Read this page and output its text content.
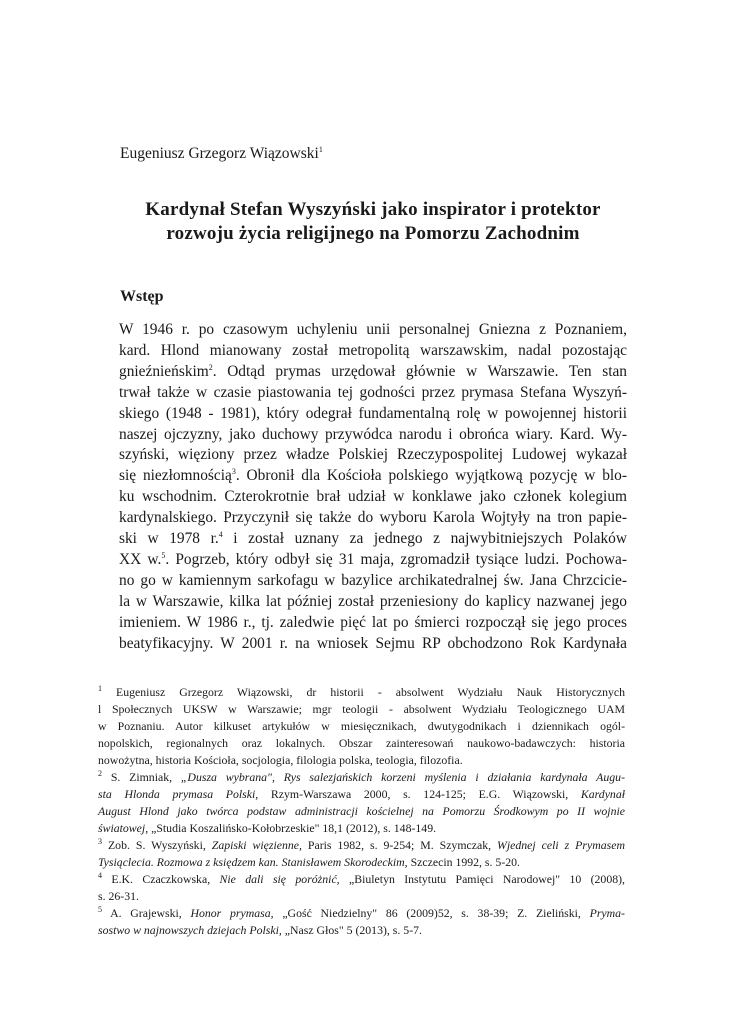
Eugeniusz Grzegorz Wiązowski$^1$
Kardynał Stefan Wyszyński jako inspirator i protektor
rozwoju życia religijnego na Pomorzu Zachodnim
Wstęp
W 1946 r. po czasowym uchyleniu unii personalnej Gniezna z Poznaniem,
kard. Hlond mianowany został metropolitą warszawskim, nadal pozostając
gnieźnieńskim$^2$. Odtąd prymas urzędował głównie w Warszawie. Ten stan
trwał także w czasie piastowania tej godności przez prymasa Stefana Wyszyń-
skiego (1948 - 1981), który odegrał fundamentalną rolę w powojennej historii
naszej ojczyzny, jako duchowy przywódca narodu i obrońca wiary. Kard. Wy-
szyński, więziony przez władze Polskiej Rzeczypospolitej Ludowej wykazał
się niezłomnością$^3$. Obronił dla Kościoła polskiego wyjątkową pozycję w blo-
ku wschodnim. Czterokrotnie brał udział w konklawe jako członek kolegium
kardynalskiego. Przyczynił się także do wyboru Karola Wojtyły na tron papie-
ski w 1978 r.$^4$ i został uznany za jednego z najwybitniejszych Polaków
XX w.$^5$. Pogrzeb, który odbył się 31 maja, zgromadził tysiące ludzi. Pochowa-
no go w kamiennym sarkofagu w bazylice archikatedralnej św. Jana Chrzcicie-
la w Warszawie, kilka lat później został przeniesiony do kaplicy nazwanej jego
imieniem. W 1986 r., tj. zaledwie pięć lat po śmierci rozpoczął się jego proces
beatyfikacyjny. W 2001 r. na wniosek Sejmu RP obchodzono Rok Kardynała
$^1$ Eugeniusz Grzegorz Wiązowski, dr historii - absolwent Wydziału Nauk Historycznych
l Społecznych UKSW w Warszawie; mgr teologii - absolwent Wydziału Teologicznego UAM
w Poznaniu. Autor kilkuset artykułów w miesięcznikach, dwutygodnikach i dziennikach ogól-
nopolskich, regionalnych oraz lokalnych. Obszar zainteresowań naukowo-badawczych: historia
nowożytna, historia Kościoła, socjologia, filologia polska, teologia, filozofia.
$^2$ S. Zimniak, „Dusza wybrana", Rys salezjańskich korzeni myślenia i działania kardynała Augu-
sta Hlonda prymasa Polski, Rzym-Warszawa 2000, s. 124-125; E.G. Wiązowski, Kardynał
August Hlond jako twórca podstaw administracji kościelnej na Pomorzu Środkowym po II wojnie
światowej, „Studia Koszalińsko-Kołobrzeskie" 18,1 (2012), s. 148-149.
$^3$ Zob. S. Wyszyński, Zapiski więzienne, Paris 1982, s. 9-254; M. Szymczak, Wjednej celi z Prymasem
Tysiąclecia. Rozmowa z księdzem kan. Stanisławem Skorodeckim, Szczecin 1992, s. 5-20.
$^4$ E.K. Czaczkowska, Nie dali się poróżnić, „Biuletyn Instytutu Pamięci Narodowej" 10 (2008),
s. 26-31.
$^5$ A. Grajewski, Honor prymasa, „Gość Niedzielny" 86 (2009)52, s. 38-39; Z. Zieliński, Pryma-
sostwo w najnowszych dziejach Polski, „Nasz Głos" 5 (2013), s. 5-7.
